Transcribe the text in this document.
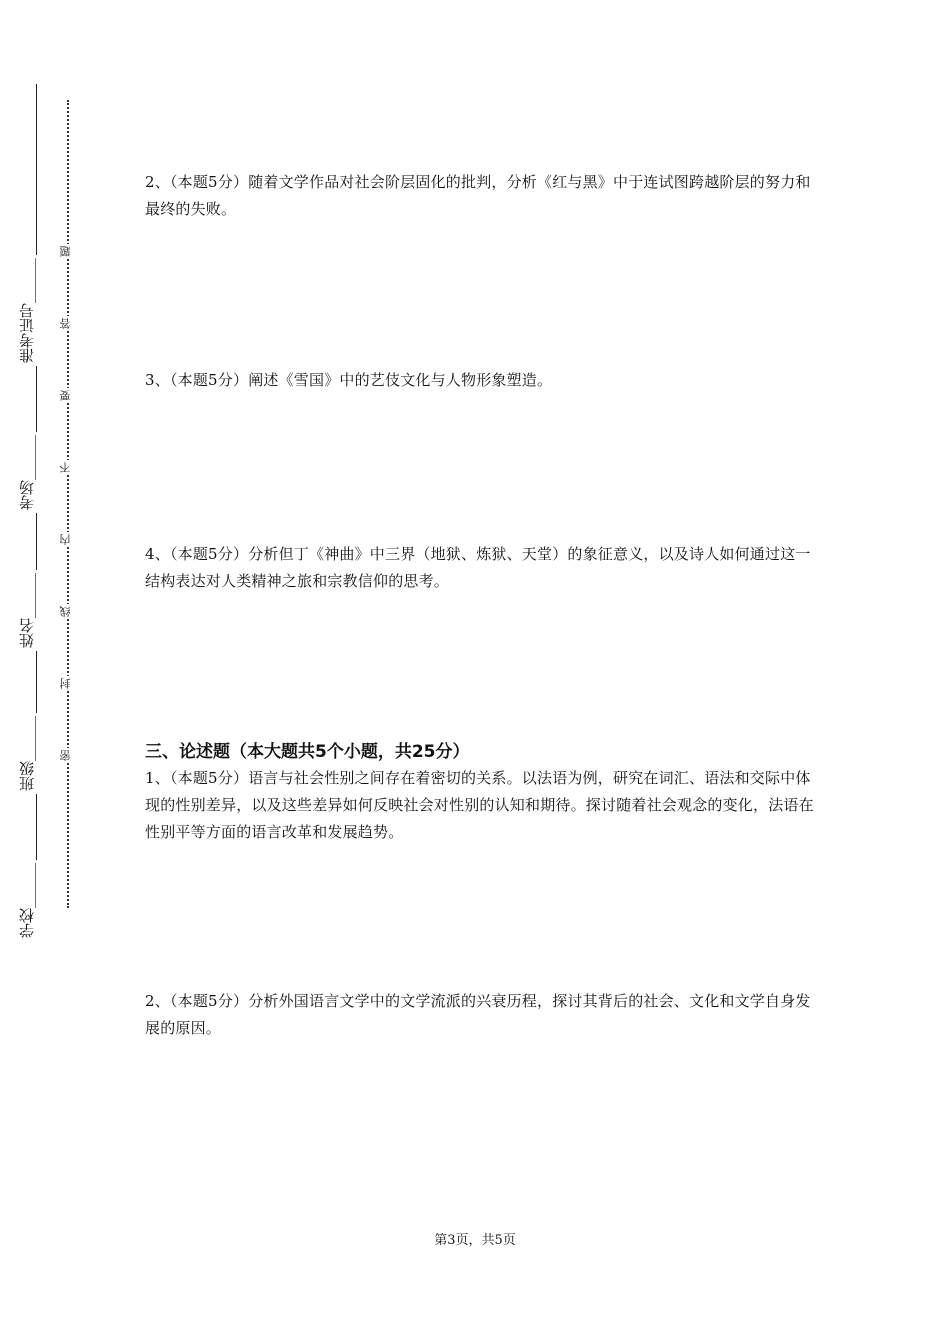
准考证号______
考场______
姓名______
班级______
学校______
题
答
要
不
内
线
封
密

2、（本题5分）随着文学作品对社会阶层固化的批判，分析《红与黑》中于连试图跨越阶层的努力和最终的失败。

3、（本题5分）阐述《雪国》中的艺伎文化与人物形象塑造。

4、（本题5分）分析但丁《神曲》中三界（地狱、炼狱、天堂）的象征意义，以及诗人如何通过这一结构表达对人类精神之旅和宗教信仰的思考。

三、论述题（本大题共5个小题，共25分）

1、（本题5分）语言与社会性别之间存在着密切的关系。以法语为例，研究在词汇、语法和交际中体现的性别差异，以及这些差异如何反映社会对性别的认知和期待。探讨随着社会观念的变化，法语在性别平等方面的语言改革和发展趋势。

2、（本题5分）分析外国语言文学中的文学流派的兴衰历程，探讨其背后的社会、文化和文学自身发展的原因。

第3页，共5页
